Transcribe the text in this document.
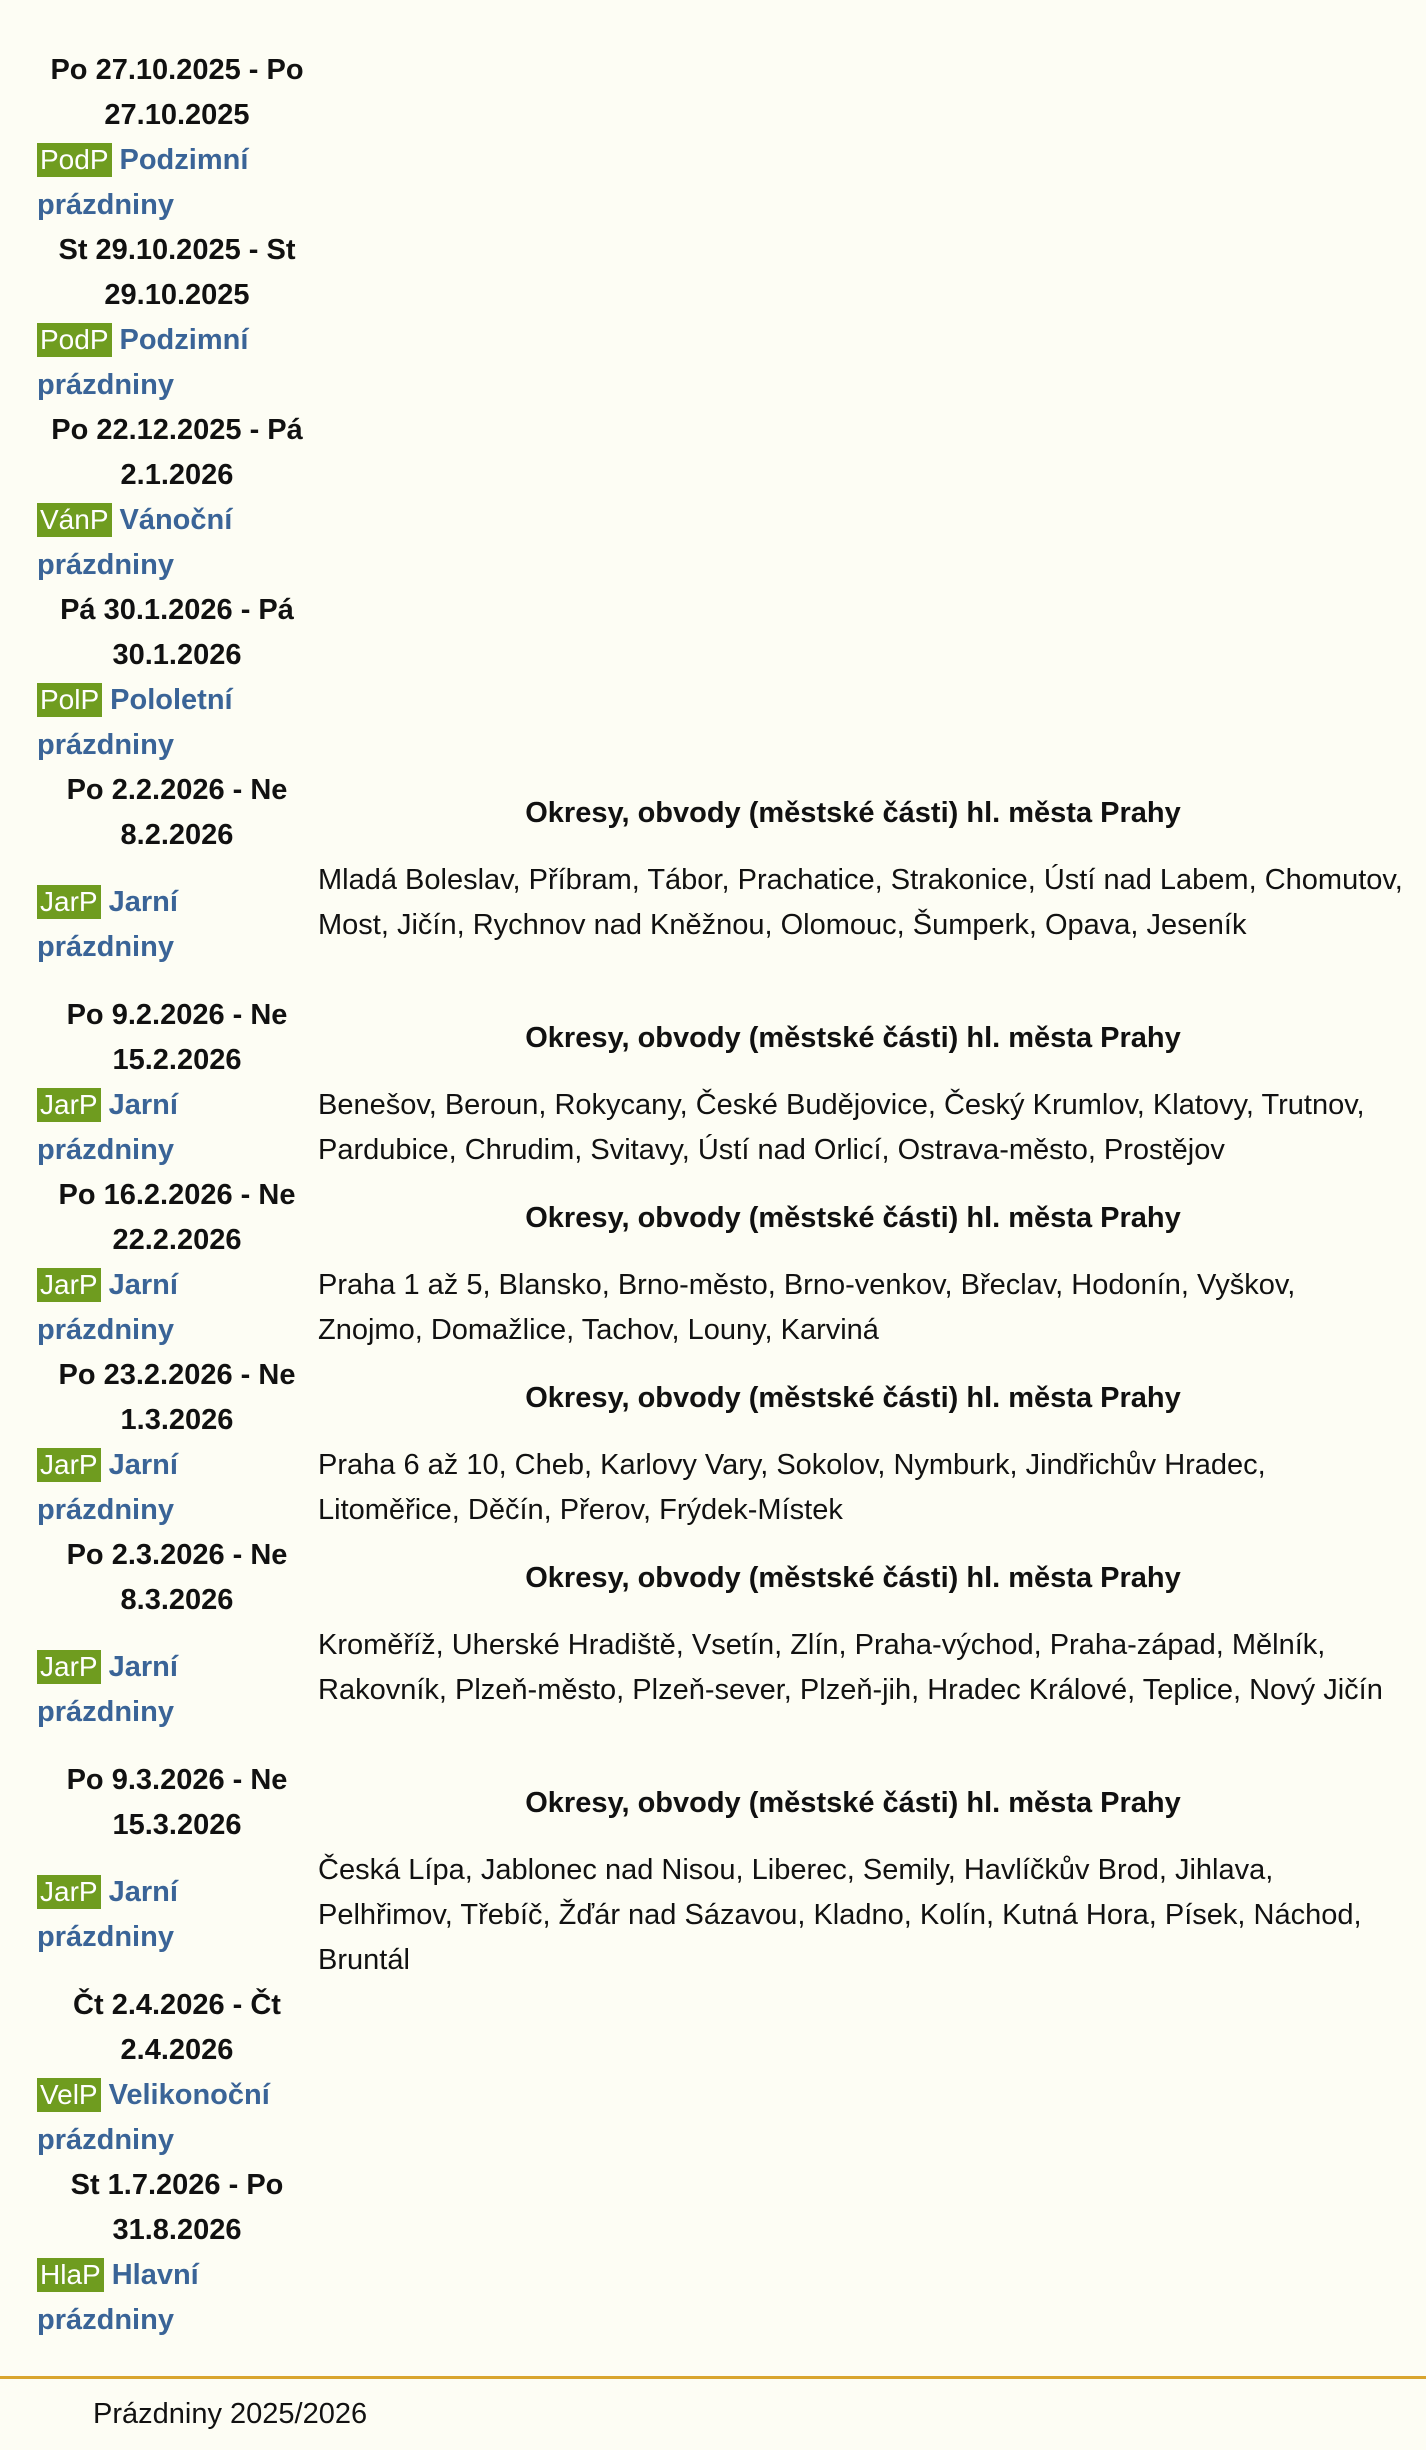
Po 27.10.2025 - Po 27.10.2025
PodP Podzimní prázdniny
St 29.10.2025 - St 29.10.2025
PodP Podzimní prázdniny
Po 22.12.2025 - Pá 2.1.2026
VánP Vánoční prázdniny
Pá 30.1.2026 - Pá 30.1.2026
PolP Pololetní prázdniny
Po 2.2.2026 - Ne 8.2.2026
JarP Jarní prázdniny
Okresy, obvody (městské části) hl. města Prahy
Mladá Boleslav, Příbram, Tábor, Prachatice, Strakonice, Ústí nad Labem, Chomutov, Most, Jičín, Rychnov nad Kněžnou, Olomouc, Šumperk, Opava, Jeseník
Po 9.2.2026 - Ne 15.2.2026
JarP Jarní prázdniny
Okresy, obvody (městské části) hl. města Prahy
Benešov, Beroun, Rokycany, České Budějovice, Český Krumlov, Klatovy, Trutnov, Pardubice, Chrudim, Svitavy, Ústí nad Orlicí, Ostrava-město, Prostějov
Po 16.2.2026 - Ne 22.2.2026
JarP Jarní prázdniny
Okresy, obvody (městské části) hl. města Prahy
Praha 1 až 5, Blansko, Brno-město, Brno-venkov, Břeclav, Hodonín, Vyškov, Znojmo, Domažlice, Tachov, Louny, Karviná
Po 23.2.2026 - Ne 1.3.2026
JarP Jarní prázdniny
Okresy, obvody (městské části) hl. města Prahy
Praha 6 až 10, Cheb, Karlovy Vary, Sokolov, Nymburk, Jindřichův Hradec, Litoměřice, Děčín, Přerov, Frýdek-Místek
Po 2.3.2026 - Ne 8.3.2026
JarP Jarní prázdniny
Okresy, obvody (městské části) hl. města Prahy
Kroměříž, Uherské Hradiště, Vsetín, Zlín, Praha-východ, Praha-západ, Mělník, Rakovník, Plzeň-město, Plzeň-sever, Plzeň-jih, Hradec Králové, Teplice, Nový Jičín
Po 9.3.2026 - Ne 15.3.2026
JarP Jarní prázdniny
Okresy, obvody (městské části) hl. města Prahy
Česká Lípa, Jablonec nad Nisou, Liberec, Semily, Havlíčkův Brod, Jihlava, Pelhřimov, Třebíč, Žďár nad Sázavou, Kladno, Kolín, Kutná Hora, Písek, Náchod, Bruntál
Čt 2.4.2026 - Čt 2.4.2026
VelP Velikonoční prázdniny
St 1.7.2026 - Po 31.8.2026
HlaP Hlavní prázdniny
Prázdniny 2025/2026
